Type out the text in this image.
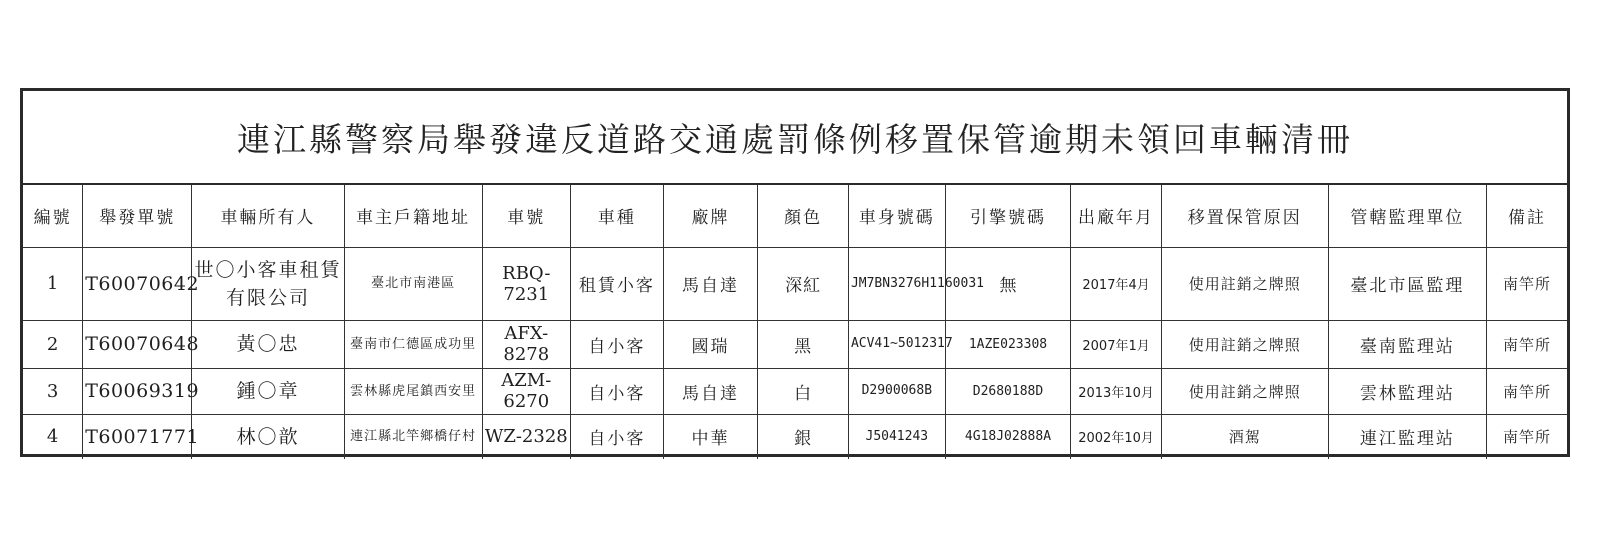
連江縣警察局舉發違反道路交通處罰條例移置保管逾期未領回車輛清冊
編號	舉發單號	車輛所有人	車主戶籍地址	車號	車種	廠牌	顏色	車身號碼	引擎號碼	出廠年月	移置保管原因	管轄監理單位	備註
1	T60070642	世〇小客車租賃有限公司	臺北市南港區	RBQ-7231	租賃小客	馬自達	深紅	JM7BN3276H1160031	無	2017年4月	使用註銷之牌照	臺北市區監理	南竿所
2	T60070648	黃〇忠	臺南市仁德區成功里	AFX-8278	自小客	國瑞	黑	ACV41~5012317	1AZE023308	2007年1月	使用註銷之牌照	臺南監理站	南竿所
3	T60069319	鍾〇章	雲林縣虎尾鎮西安里	AZM-6270	自小客	馬自達	白	D2900068B	D2680188D	2013年10月	使用註銷之牌照	雲林監理站	南竿所
4	T60071771	林〇歆	連江縣北竿鄉橋仔村	WZ-2328	自小客	中華	銀	J5041243	4G18J02888A	2002年10月	酒駕	連江監理站	南竿所
